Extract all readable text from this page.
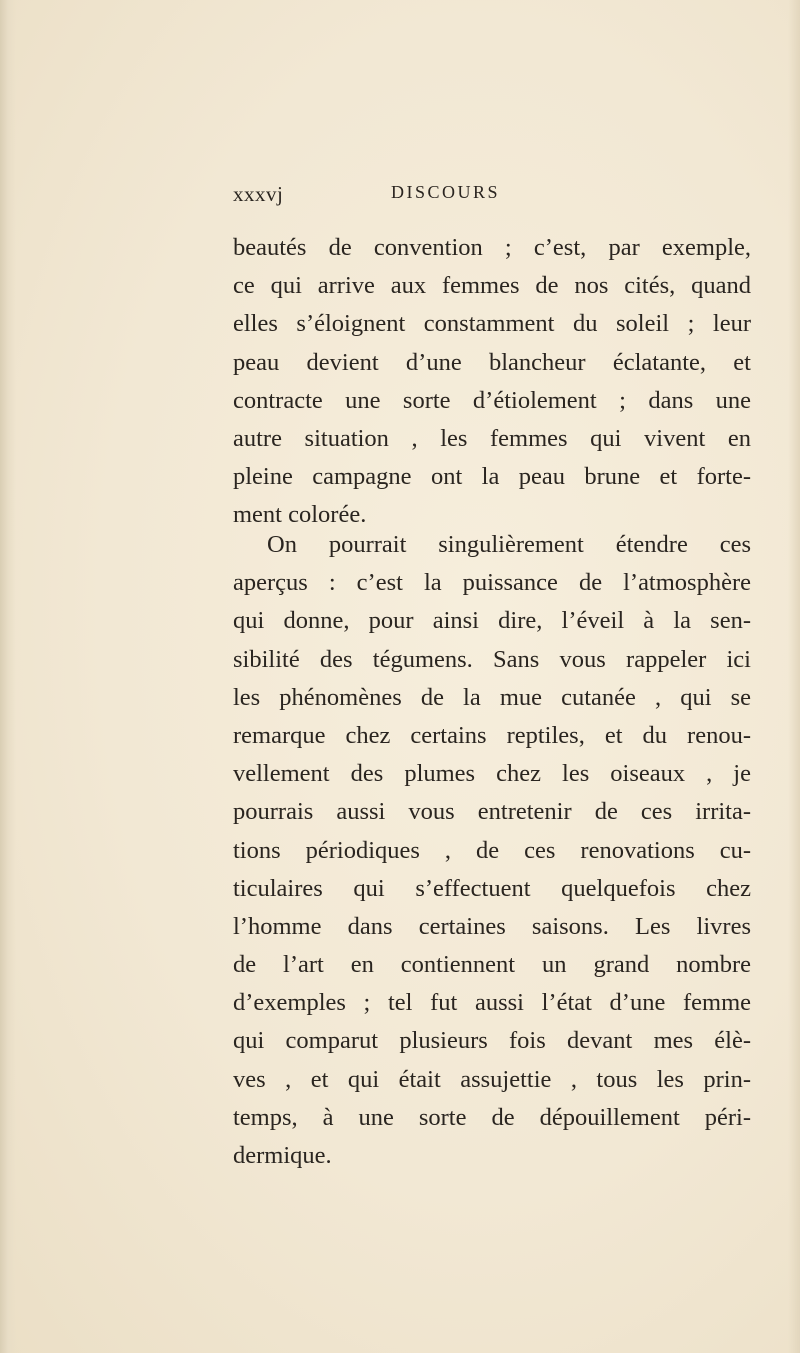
xxxvj	DISCOURS

beautés de convention ; c’est, par exemple,
ce qui arrive aux femmes de nos cités, quand
elles s’éloignent constamment du soleil ; leur
peau devient d’une blancheur éclatante, et
contracte une sorte d’étiolement ; dans une
autre situation , les femmes qui vivent en
pleine campagne ont la peau brune et forte-
ment colorée.

On pourrait singulièrement étendre ces
aperçus : c’est la puissance de l’atmosphère
qui donne, pour ainsi dire, l’éveil à la sen-
sibilité des tégumens. Sans vous rappeler ici
les phénomènes de la mue cutanée , qui se
remarque chez certains reptiles, et du renou-
vellement des plumes chez les oiseaux , je
pourrais aussi vous entretenir de ces irrita-
tions périodiques , de ces renovations cu-
ticulaires qui s’effectuent quelquefois chez
l’homme dans certaines saisons. Les livres
de l’art en contiennent un grand nombre
d’exemples ; tel fut aussi l’état d’une femme
qui comparut plusieurs fois devant mes élè-
ves , et qui était assujettie , tous les prin-
temps, à une sorte de dépouillement péri-
dermique.
